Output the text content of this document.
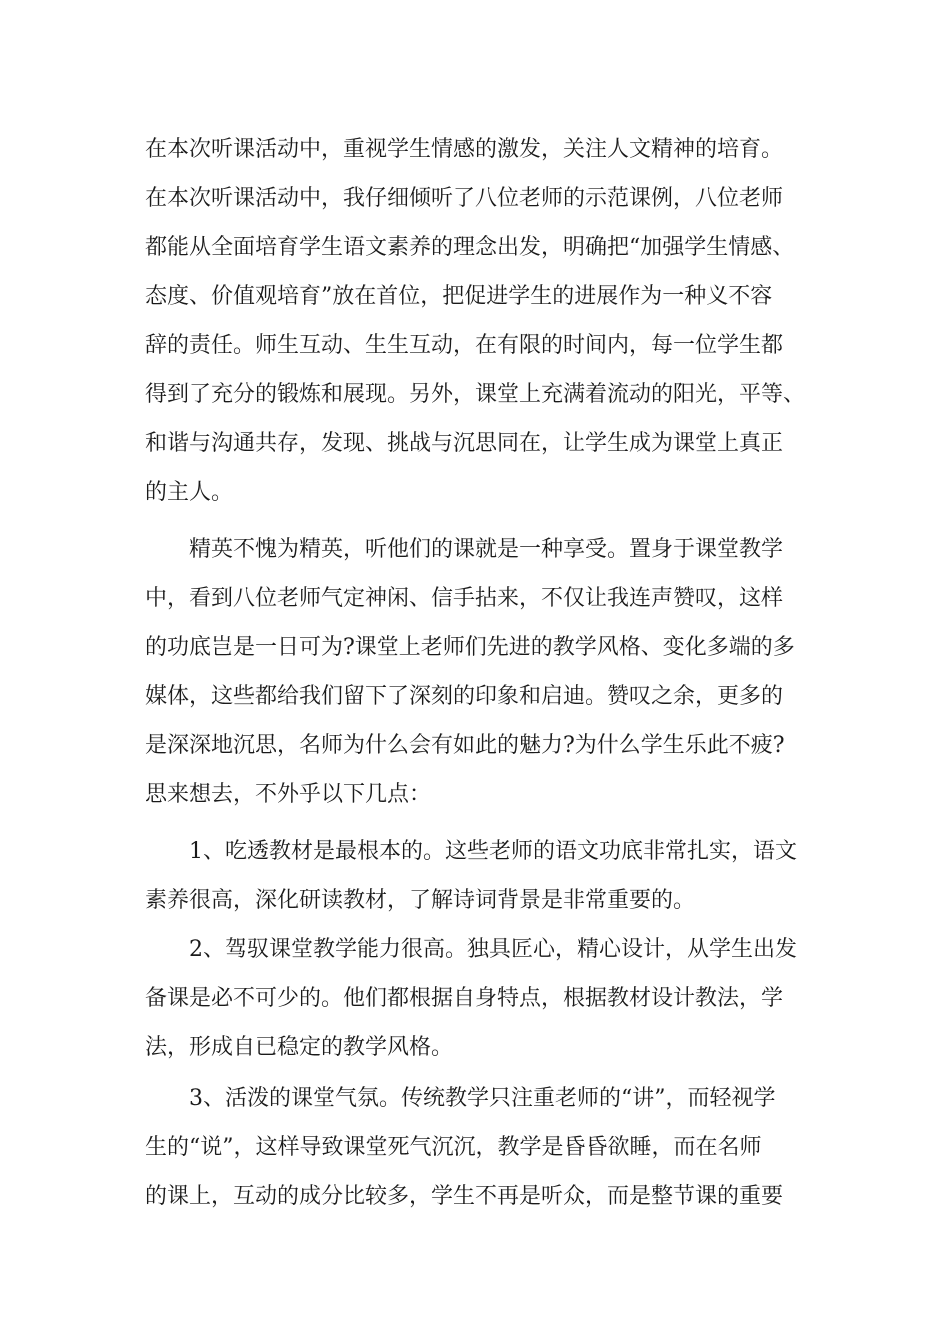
在本次听课活动中，重视学生情感的激发，关注人文精神的培育。
在本次听课活动中，我仔细倾听了八位老师的示范课例，八位老师
都能从全面培育学生语文素养的理念出发，明确把“加强学生情感、
态度、价值观培育”放在首位，把促进学生的进展作为一种义不容
辞的责任。师生互动、生生互动，在有限的时间内，每一位学生都
得到了充分的锻炼和展现。另外，课堂上充满着流动的阳光，平等、
和谐与沟通共存，发现、挑战与沉思同在，让学生成为课堂上真正
的主人。
精英不愧为精英，听他们的课就是一种享受。置身于课堂教学
中，看到八位老师气定神闲、信手拈来，不仅让我连声赞叹，这样
的功底岂是一日可为?课堂上老师们先进的教学风格、变化多端的多
媒体，这些都给我们留下了深刻的印象和启迪。赞叹之余，更多的
是深深地沉思，名师为什么会有如此的魅力?为什么学生乐此不疲?
思来想去，不外乎以下几点：
1、吃透教材是最根本的。这些老师的语文功底非常扎实，语文
素养很高，深化研读教材，了解诗词背景是非常重要的。
2、驾驭课堂教学能力很高。独具匠心，精心设计，从学生出发
备课是必不可少的。他们都根据自身特点，根据教材设计教法，学
法，形成自已稳定的教学风格。
3、活泼的课堂气氛。传统教学只注重老师的“讲”，而轻视学
生的“说”，这样导致课堂死气沉沉，教学是昏昏欲睡，而在名师
的课上，互动的成分比较多，学生不再是听众，而是整节课的重要
